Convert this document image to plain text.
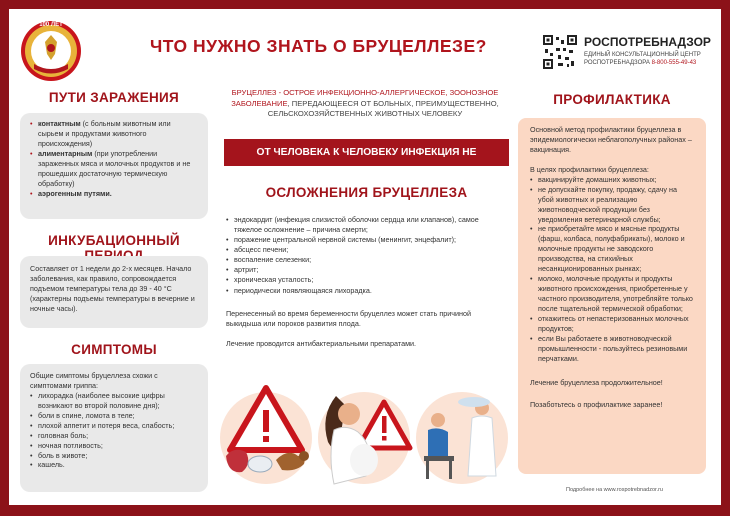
100 ЛЕТ
ЧТО НУЖНО ЗНАТЬ О БРУЦЕЛЛЕЗЕ?	РОСПОТРЕБНАДЗОР
ЕДИНЫЙ КОНСУЛЬТАЦИОННЫЙ ЦЕНТР
РОСПОТРЕБНАДЗОРА 8-800-555-49-43
ПУТИ ЗАРАЖЕНИЯ
• контактным (с больным животным или сырьем и продуктами животного происхождения)
• алиментарным (при употреблении зараженных мяса и молочных продуктов и не прошедших достаточную термическую обработку)
• аэрогенным путями.
ИНКУБАЦИОННЫЙ

Составляет от 1 недели до 2-х месяцев. Начало заболевания, как правило, сопровождается подъемом температуры тела до 39 - 40 °С (характерны подъемы температуры в вечерние и ночные часы).

СИМПТОМЫ

Общие симптомы бруцеллеза схожи с симптомами гриппа:

• лихорадка (наиболее высокие цифры возникают во второй половине дня);
• боли в спине, ломота в теле;
• плохой аппетит и потеря веса, слабость;
• головная боль;
• ночная потливость;
• боль в животе;
• кашель.
БРУЦЕЛЛЕЗ - ОСТРОЕ ИНФЕКЦИОННО-АЛЛЕРГИЧЕСКОЕ, ЗООНОЗНОЕ ЗАБОЛЕВАНИЕ, ПЕРЕДАЮЩЕЕСЯ ОТ БОЛЬНЫХ, ПРЕИМУЩЕСТВЕННО, СЕЛЬСКОХОЗЯЙСТВЕННЫХ ЖИВОТНЫХ ЧЕЛОВЕКУ
ОТ ЧЕЛОВЕКА К ЧЕЛОВЕКУ ИНФЕКЦИЯ НЕ ПЕРЕДАЁТСЯ
ОСЛОЖНЕНИЯ БРУЦЕЛЛЕЗА
• эндокардит (инфекция слизистой оболочки сердца или клапанов), самое тяжелое осложнение – причина смерти;
• поражение центральной нервной системы (менингит, энцефалит);
• абсцесс печени;
• воспаление селезенки;
• артрит;
• хроническая усталость;
• периодически появляющаяся лихорадка.

Перенесенный во время беременности бруцеллез может стать причиной выкидыша или пороков развития плода.

Лечение проводится антибактериальными препаратами.

ПРОФИЛАКТИКА

Основной метод профилактики бруцеллеза в эпидемиологически неблагополучных районах – вакцинация.

В целях профилактики бруцеллеза:

• вакцинируйте домашних животных;
• не допускайте покупку, продажу, сдачу на убой животных и реализацию животноводческой продукции без уведомления ветеринарной службы;
• не приобретайте мясо и мясные продукты (фарш, колбаса, полуфабрикаты), молоко и молочные продукты не заводского производства, на стихийных несанкционированных рынках;
• молоко, молочные продукты и продукты животного происхождения, приобретенные у частного производителя, употребляйте только после тщательной термической обработки;
• откажитесь от непастеризованных молочных продуктов;
• если Вы работаете в животноводческой промышленности - пользуйтесь резиновыми перчатками.

Лечение бруцеллеза продолжительное!

Позаботьтесь о профилактике заранее!

Подробнее на www.rospotrebnadzor.ru
